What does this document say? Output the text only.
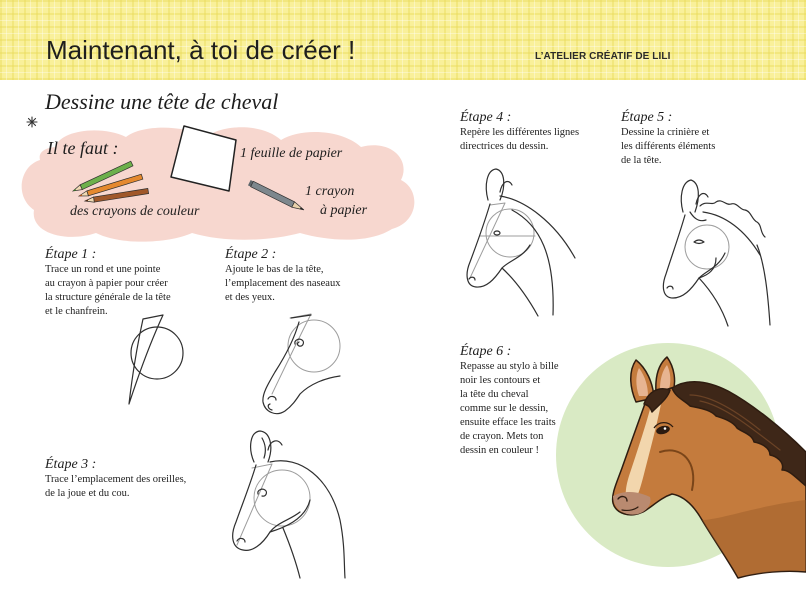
Maintenant, à toi de créer !	L’ATELIER CRÉATIF DE LILI
Dessine une tête de cheval
Il te faut :	1 feuille de papier
des crayons de couleur
1 crayon
à papier
Étape 1 :
Trace un rond et une pointe
au crayon à papier pour créer
la structure générale de la tête
et le chanfrein.
Étape 2 :
Ajoute le bas de la tête,
l’emplacement des naseaux
et des yeux.
Étape 3 :
Trace l’emplacement des oreilles,
de la joue et du cou.
Étape 4 :
Repère les différentes lignes
directrices du dessin.
Étape 5 :
Dessine la crinière et
les différents éléments
de la tête.
Étape 6 :
Repasse au stylo à bille
noir les contours et
la tête du cheval
comme sur le dessin,
ensuite efface les traits
de crayon. Mets ton
dessin en couleur !
